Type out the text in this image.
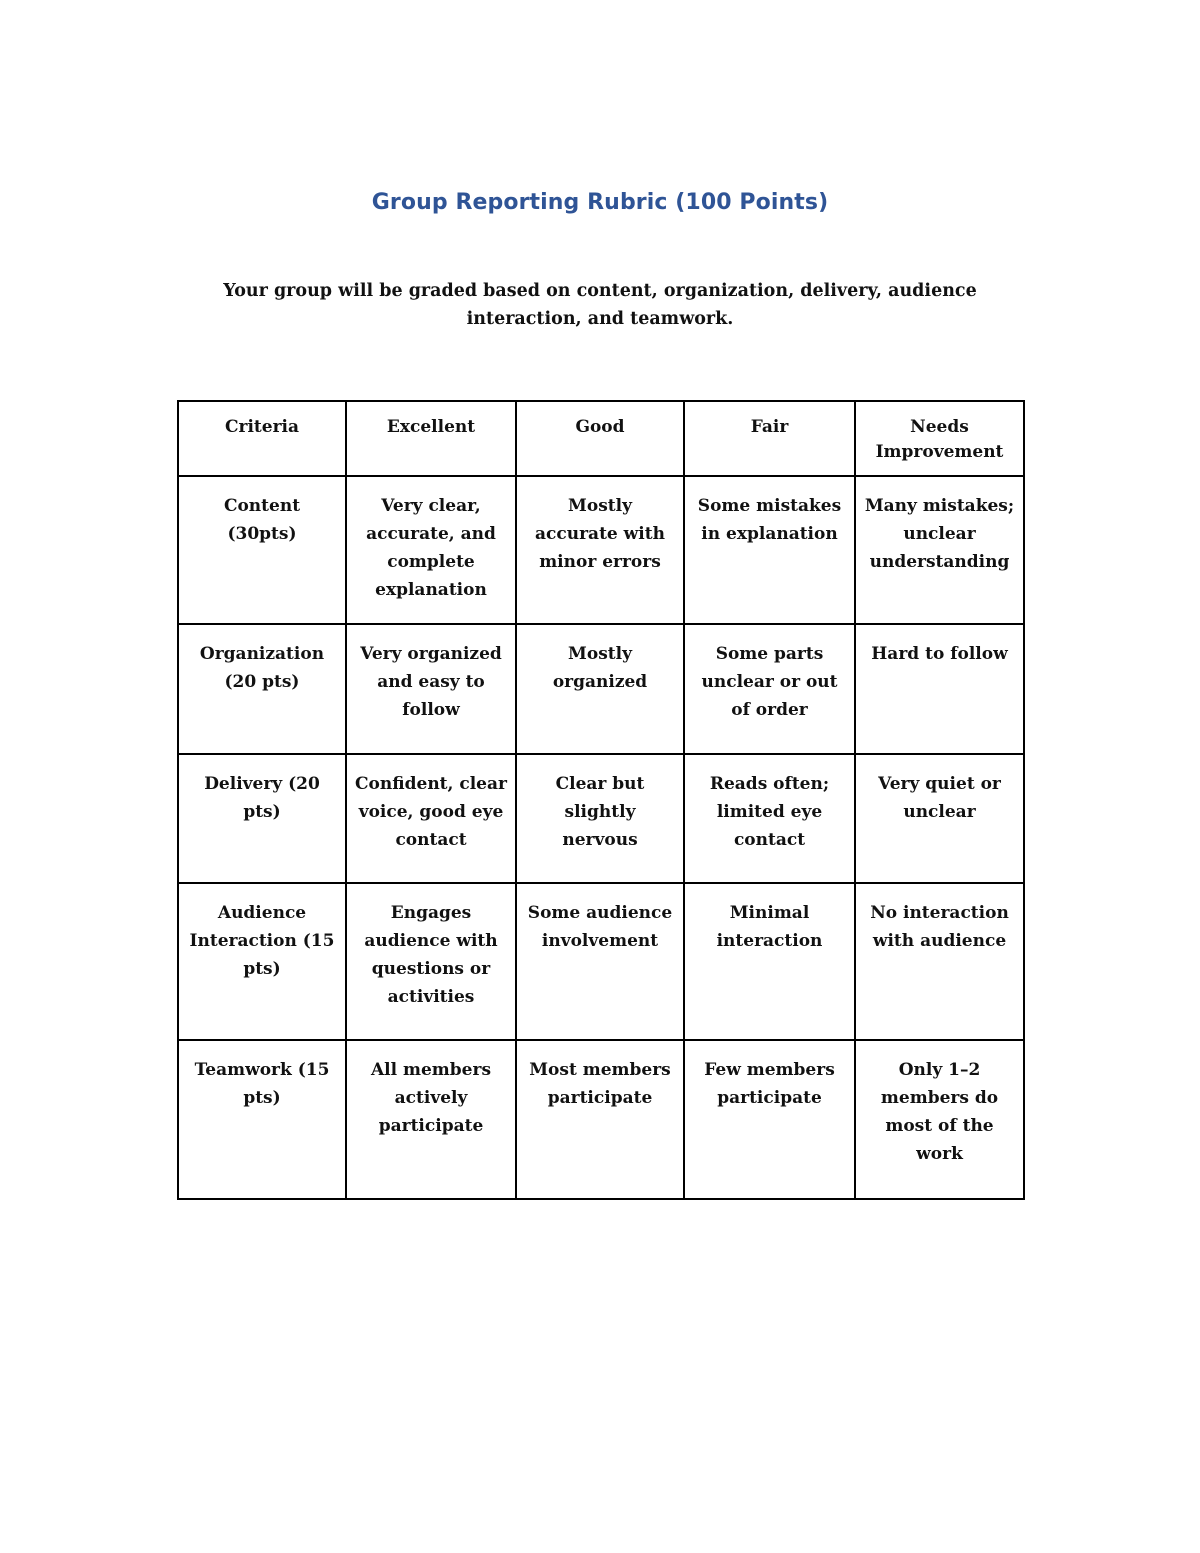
Group Reporting Rubric (100 Points)
Your group will be graded based on content, organization, delivery, audience interaction, and teamwork.
Criteria	Excellent	Good	Fair	Needs Improvement
Content (30pts)	Very clear, accurate, and complete explanation	Mostly accurate with minor errors	Some mistakes in explanation	Many mistakes; unclear understanding
Organization (20 pts)	Very organized and easy to follow	Mostly organized	Some parts unclear or out of order	Hard to follow
Delivery (20 pts)	Confident, clear voice, good eye contact	Clear but slightly nervous	Reads often; limited eye contact	Very quiet or unclear
Audience Interaction (15 pts)	Engages audience with questions or activities	Some audience involvement	Minimal interaction	No interaction with audience
Teamwork (15 pts)	All members actively participate	Most members participate	Few members participate	Only 1–2 members do most of the work
